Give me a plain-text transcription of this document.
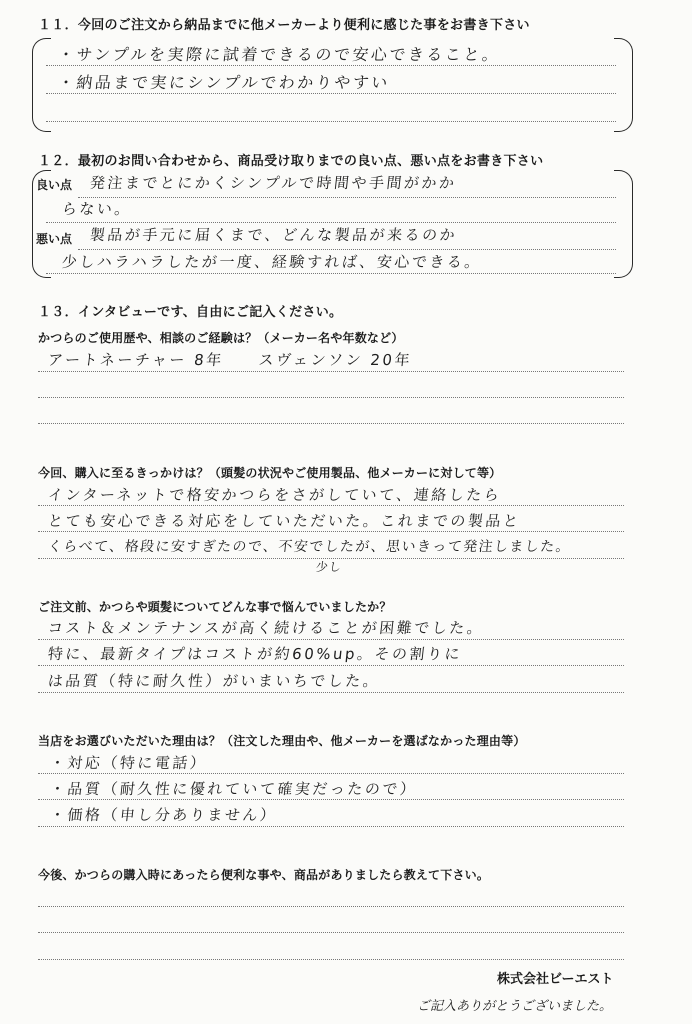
１１．今回のご注文から納品までに他メーカーより便利に感じた事をお書き下さい
・サンプルを実際に試着できるので安心できること。
・納品まで実にシンプルでわかりやすい
１２．最初のお問い合わせから、商品受け取りまでの良い点、悪い点をお書き下さい
良い点
悪い点
発注までとにかくシンプルで時間や手間がかか
らない。
製品が手元に届くまで、どんな製品が来るのか
少しハラハラしたが一度、経験すれば、安心できる。
１３．インタビューです、自由にご記入ください。
かつらのご使用歴や、相談のご経験は？（メーカー名や年数など）
アートネーチャー 8年　　スヴェンソン 20年
今回、購入に至るきっかけは？（頭髪の状況やご使用製品、他メーカーに対して等）
インターネットで格安かつらをさがしていて、連絡したら
とても安心できる対応をしていただいた。これまでの製品と
くらべて、格段に安すぎたので、不安でしたが、思いきって発注しました。
少し
ご注文前、かつらや頭髪についてどんな事で悩んでいましたか？
コスト＆メンテナンスが高く続けることが困難でした。
特に、最新タイプはコストが約60%up。その割りに
は品質（特に耐久性）がいまいちでした。
当店をお選びいただいた理由は？（注文した理由や、他メーカーを選ばなかった理由等）
・対応（特に電話）
・品質（耐久性に優れていて確実だったので）
・価格（申し分ありません）
今後、かつらの購入時にあったら便利な事や、商品がありましたら教えて下さい。
株式会社ビーエスト
ご記入ありがとうございました。
